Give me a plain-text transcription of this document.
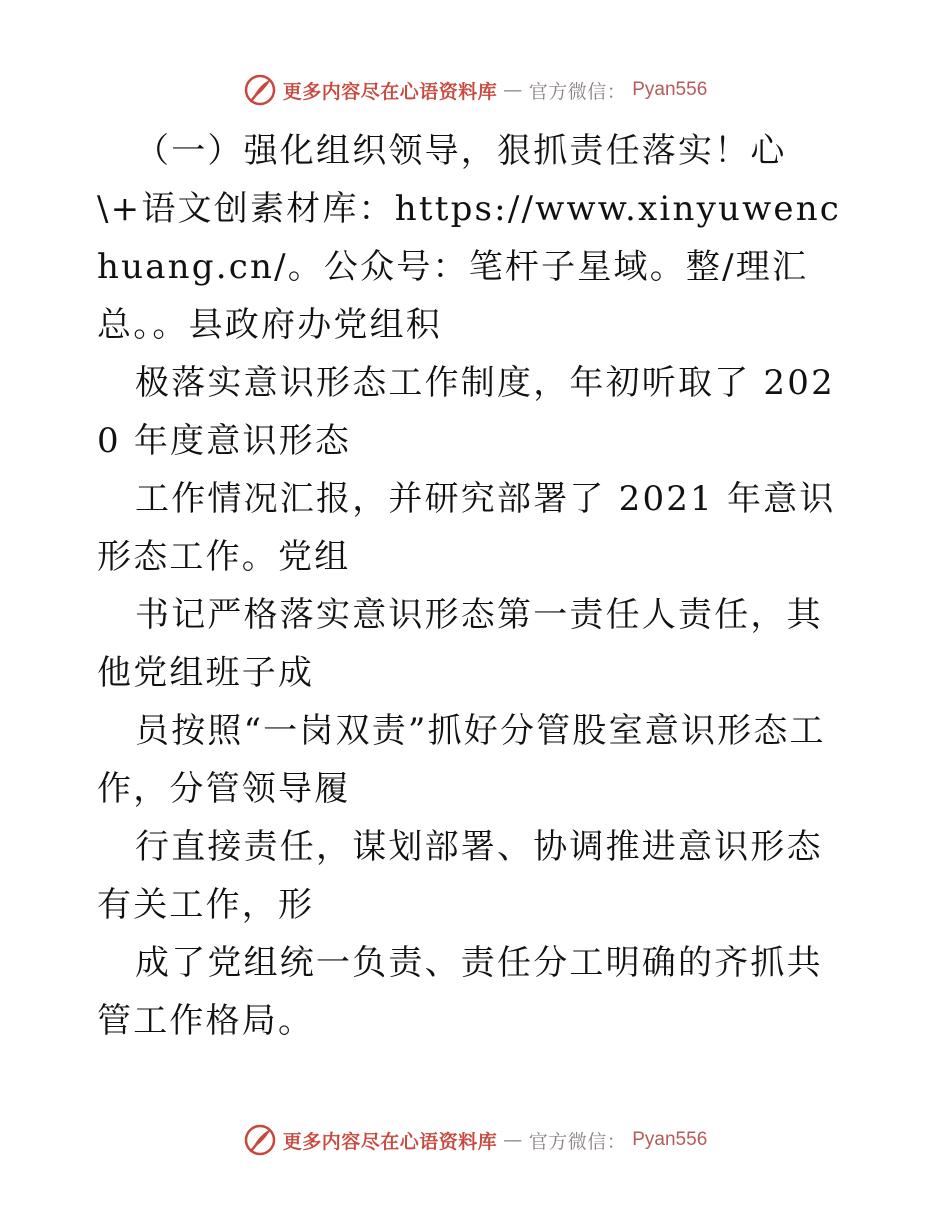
更多内容尽在心语资料库 — 官方微信： Pyan556

（一）强化组织领导，狠抓责任落实！心\+语文创素材库：https://www.xinyuwenchuang.cn/。公众号：笔杆子星域。整/理汇总。。县政府办党组积

极落实意识形态工作制度，年初听取了 2020 年度意识形态

工作情况汇报，并研究部署了 2021 年意识形态工作。党组

书记严格落实意识形态第一责任人责任，其他党组班子成

员按照“一岗双责”抓好分管股室意识形态工作，分管领导履

行直接责任，谋划部署、协调推进意识形态有关工作，形

成了党组统一负责、责任分工明确的齐抓共管工作格局。

更多内容尽在心语资料库 — 官方微信： Pyan556
